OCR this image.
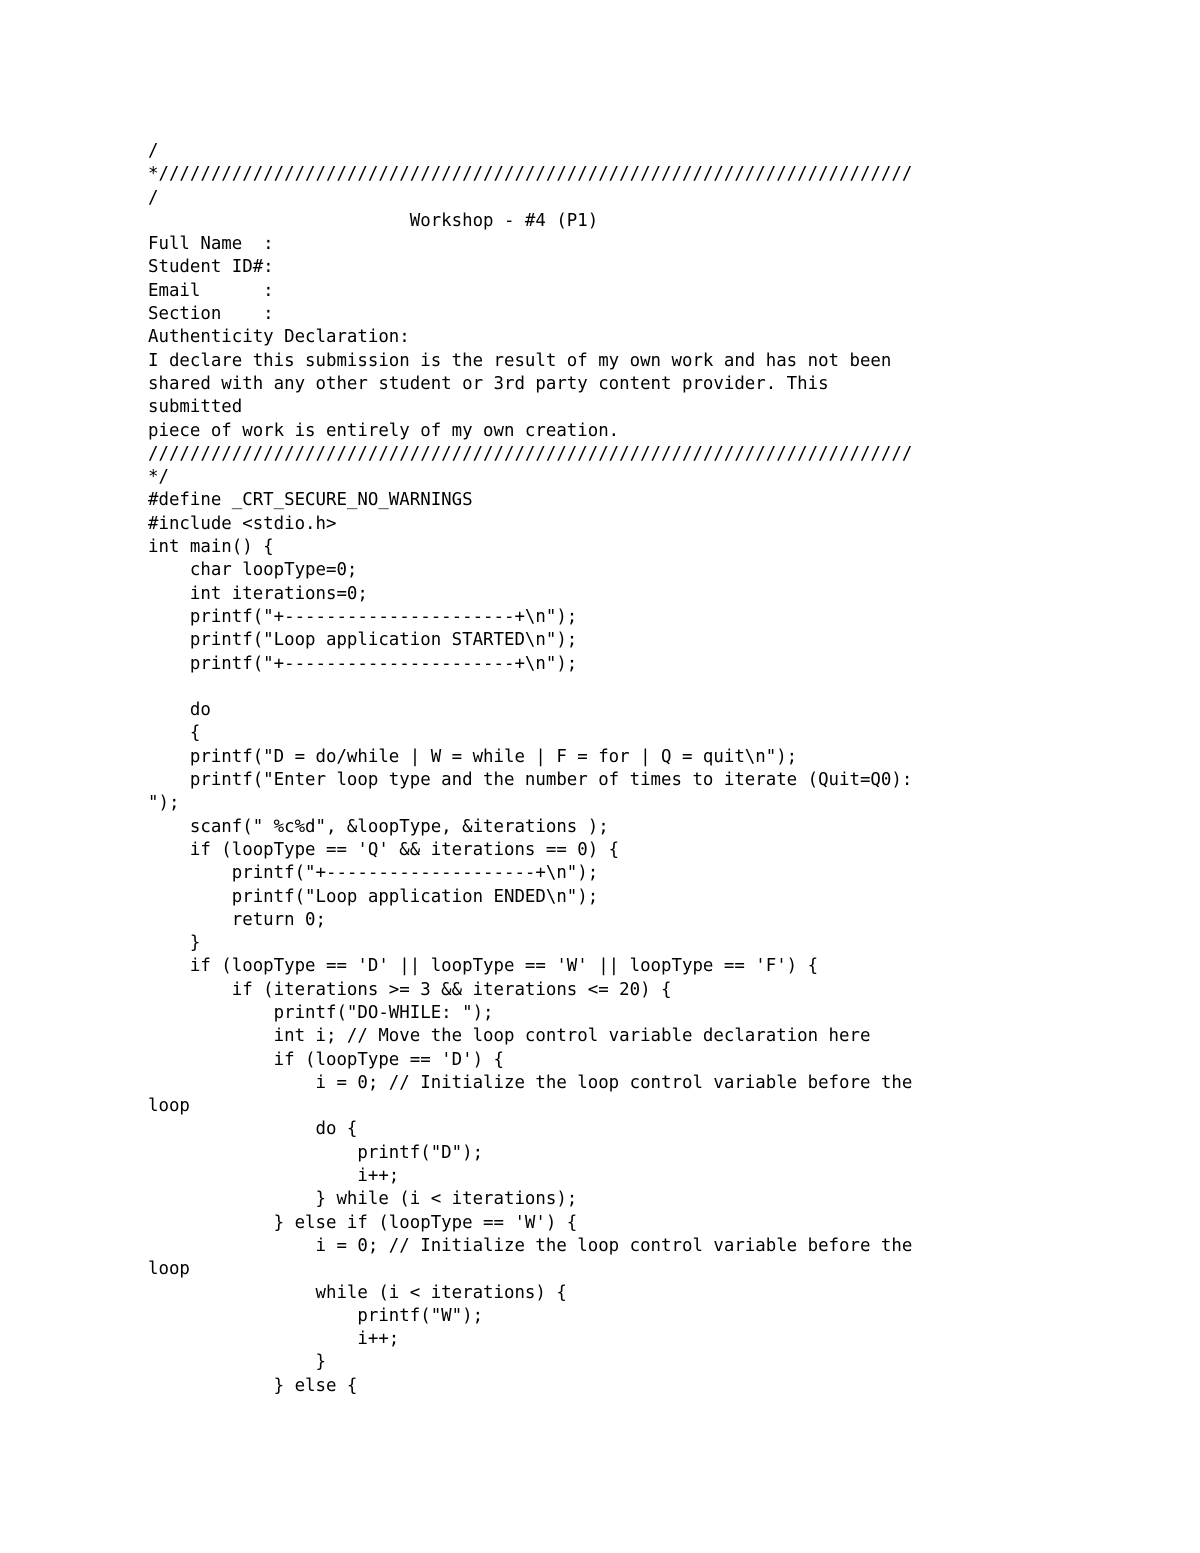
/
*////////////////////////////////////////////////////////////////////////
/
Workshop - #4 (P1)
Full Name  :
Student ID#:
Email      :
Section    :
Authenticity Declaration:
I declare this submission is the result of my own work and has not been
shared with any other student or 3rd party content provider. This
submitted
piece of work is entirely of my own creation.
/////////////////////////////////////////////////////////////////////////
*/
#define _CRT_SECURE_NO_WARNINGS
#include <stdio.h>
int main() {
char loopType=0;
int iterations=0;
printf("+----------------------+\n");
printf("Loop application STARTED\n");
printf("+----------------------+\n");
do
{
printf("D = do/while | W = while | F = for | Q = quit\n");
printf("Enter loop type and the number of times to iterate (Quit=Q0):
");
scanf(" %c%d", &loopType, &iterations );
if (loopType == 'Q' && iterations == 0) {
printf("+--------------------+\n");
printf("Loop application ENDED\n");
return 0;
}
if (loopType == 'D' || loopType == 'W' || loopType == 'F') {
if (iterations >= 3 && iterations <= 20) {
printf("DO-WHILE: ");
int i; // Move the loop control variable declaration here
if (loopType == 'D') {
i = 0; // Initialize the loop control variable before the
loop
do {
printf("D");
i++;
} while (i < iterations);
} else if (loopType == 'W') {
i = 0; // Initialize the loop control variable before the
loop
while (i < iterations) {
printf("W");
i++;
}
} else {
